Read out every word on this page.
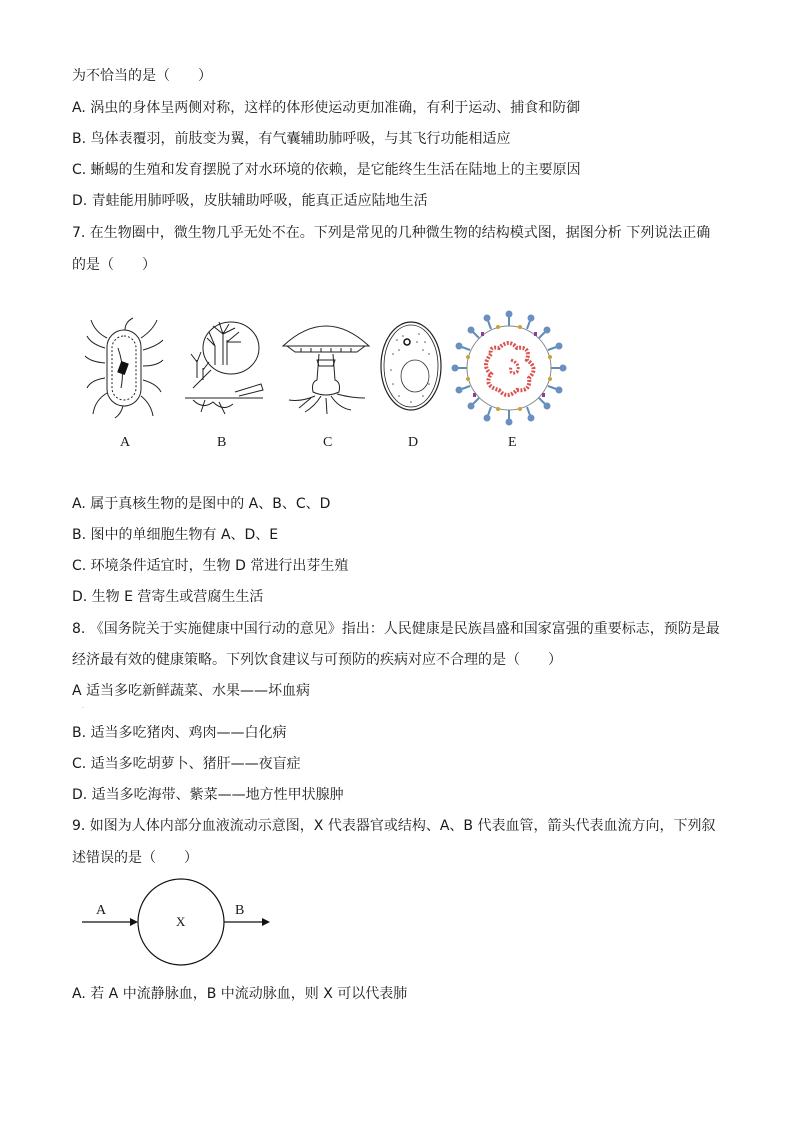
为不恰当的是（　　）
A. 涡虫的身体呈两侧对称，这样的体形使运动更加准确，有利于运动、捕食和防御
B. 鸟体表覆羽，前肢变为翼，有气囊辅助肺呼吸，与其飞行功能相适应
C. 蜥蜴的生殖和发育摆脱了对水环境的依赖，是它能终生生活在陆地上的主要原因
D. 青蛙能用肺呼吸，皮肤辅助呼吸，能真正适应陆地生活
7. 在生物圈中，微生物几乎无处不在。下列是常见的几种微生物的结构模式图，据图分析 下列说法正确
的是（　　）
A	B	C	D	E
A. 属于真核生物的是图中的 A、B、C、D
B. 图中的单细胞生物有 A、D、E
C. 环境条件适宜时，生物 D 常进行出芽生殖
D. 生物 E 营寄生或营腐生生活
8. 《国务院关于实施健康中国行动的意见》指出：人民健康是民族昌盛和国家富强的重要标志，预防是最
经济最有效的健康策略。下列饮食建议与可预防的疾病对应不合理的是（　　）
A 适当多吃新鲜蔬菜、水果——坏血病
.
B. 适当多吃猪肉、鸡肉——白化病
C. 适当多吃胡萝卜、猪肝——夜盲症
D. 适当多吃海带、紫菜——地方性甲状腺肿
9. 如图为人体内部分血液流动示意图，X 代表器官或结构、A、B 代表血管，箭头代表血流方向，下列叙
述错误的是（　　）
A
X
B
A. 若 A 中流静脉血，B 中流动脉血，则 X 可以代表肺
